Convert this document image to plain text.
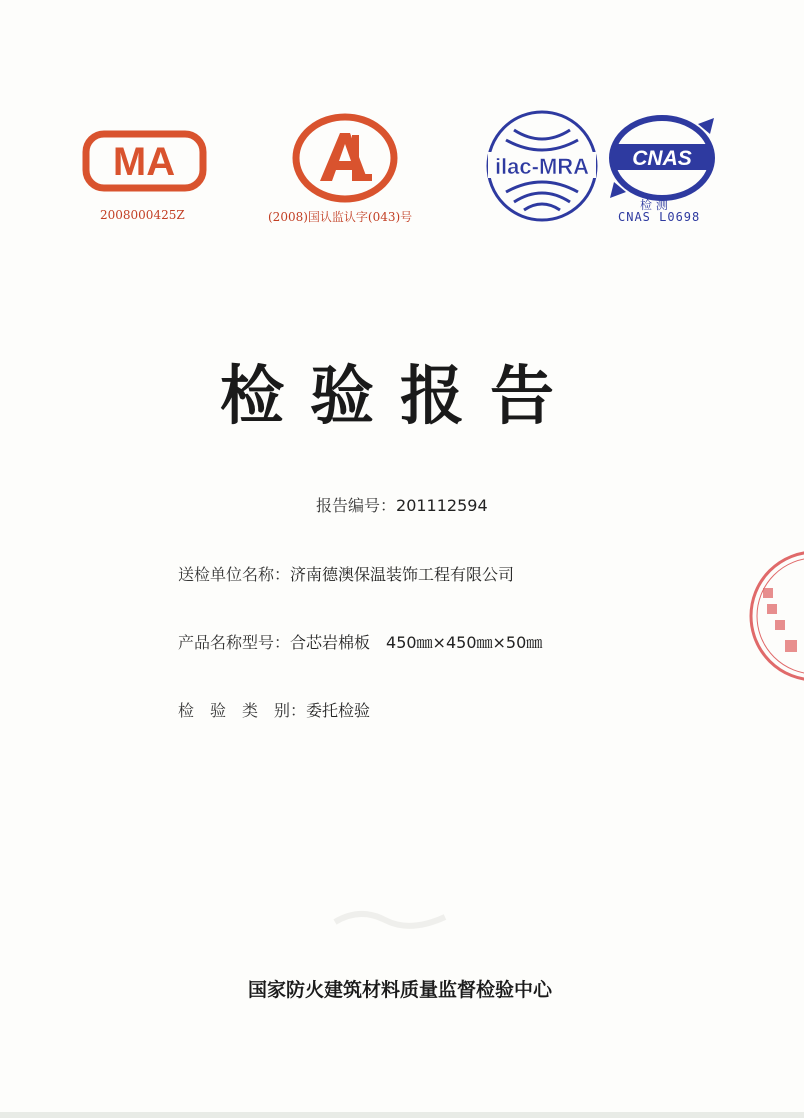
MA
2008000425Z	(2008)国认监认字(043)号
ilac-MRA CNAS
检 测
CNAS L0698
检验报告
报告编号：201112594
送检单位名称：济南德澳保温装饰工程有限公司
产品名称型号：合芯岩棉板　450㎜×450㎜×50㎜
检　验　类　别：委托检验
国家防火建筑材料质量监督检验中心
